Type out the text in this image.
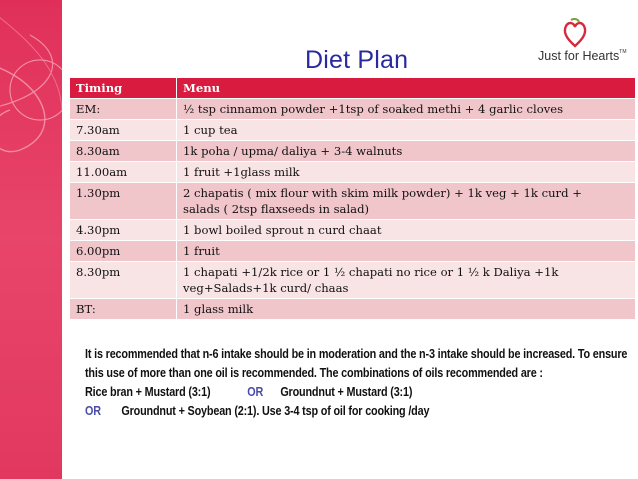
Diet Plan	Just for Hearts™
Timing	Menu
EM:	½ tsp cinnamon powder +1tsp of soaked methi + 4 garlic cloves
7.30am	1 cup tea
8.30am	1k poha / upma/ daliya + 3-4 walnuts
11.00am	1 fruit +1glass milk
1.30pm	2 chapatis ( mix flour with skim milk powder) + 1k veg + 1k curd +
salads ( 2tsp flaxseeds in salad)
4.30pm	1 bowl boiled sprout n curd chaat
6.00pm	1 fruit
8.30pm	1 chapati +1/2k rice or 1 ½ chapati no rice or 1 ½ k Daliya +1k
veg+Salads+1k curd/ chaas
BT:	1 glass milk
It is recommended that n-6 intake should be in moderation and the n-3 intake should be increased. To ensure
this use of more than one oil is recommended. The combinations of oils recommended are :
Rice bran + Mustard (3:1)	OR Groundnut + Mustard (3:1)
OR Groundnut + Soybean (2:1). Use 3-4 tsp of oil for cooking /day
